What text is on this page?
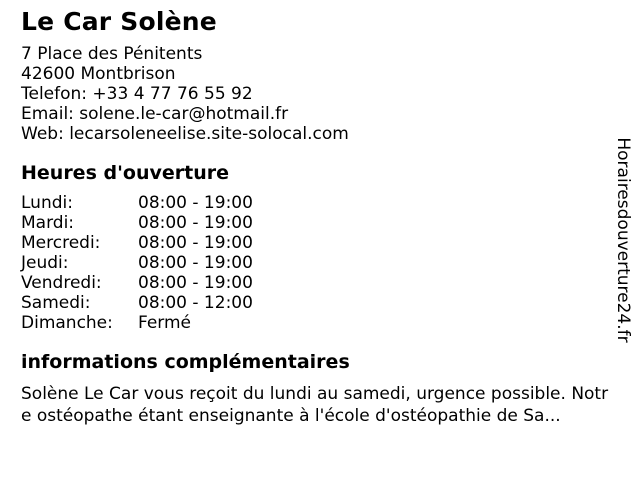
Le Car Solène
7 Place des Pénitents
42600 Montbrison
Telefon: +33 4 77 76 55 92
Email: solene.le-car@hotmail.fr
Web: lecarsoleneelise.site-solocal.com
Heures d'ouverture
Lundi:	08:00 - 19:00
Mardi:	08:00 - 19:00
Mercredi:	08:00 - 19:00
Jeudi:	08:00 - 19:00
Vendredi:	08:00 - 19:00
Samedi:	08:00 - 12:00
Dimanche:	Fermé
informations complémentaires
Solène Le Car vous reçoit du lundi au samedi, urgence possible. Notr
e ostéopathe étant enseignante à l'école d'ostéopathie de Sa...
Horairesdouverture24.fr
